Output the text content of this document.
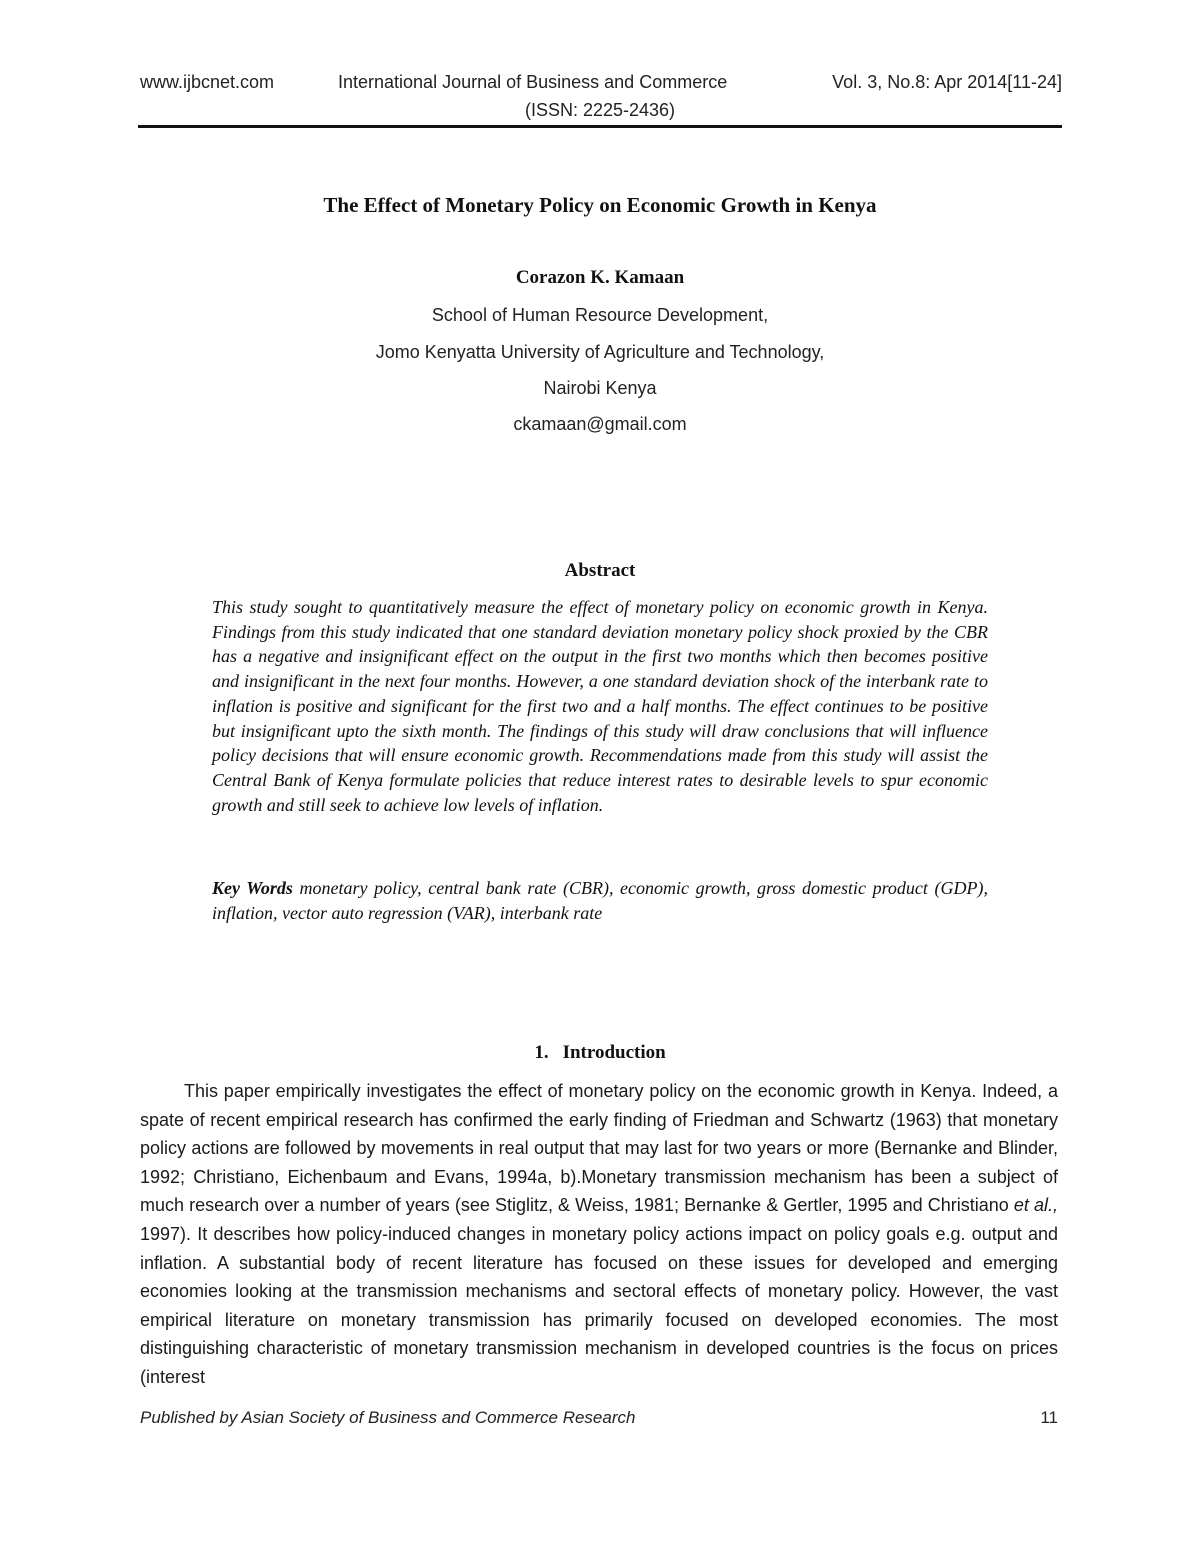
www.ijbcnet.com	International Journal of Business and Commerce	Vol. 3, No.8: Apr 2014[11-24]
(ISSN: 2225-2436)
The Effect of Monetary Policy on Economic Growth in Kenya
Corazon K. Kamaan
School of Human Resource Development,
Jomo Kenyatta University of Agriculture and Technology,
Nairobi Kenya
ckamaan@gmail.com
Abstract

This study sought to quantitatively measure the effect of monetary policy on economic growth in Kenya. Findings from this study indicated that one standard deviation monetary policy shock proxied by the CBR has a negative and insignificant effect on the output in the first two months which then becomes positive and insignificant in the next four months. However, a one standard deviation shock of the interbank rate to inflation is positive and significant for the first two and a half months. The effect continues to be positive but insignificant upto the sixth month. The findings of this study will draw conclusions that will influence policy decisions that will ensure economic growth. Recommendations made from this study will assist the Central Bank of Kenya formulate policies that reduce interest rates to desirable levels to spur economic growth and still seek to achieve low levels of inflation.

Key Words monetary policy, central bank rate (CBR), economic growth, gross domestic product (GDP), inflation, vector auto regression (VAR), interbank rate

1. Introduction

This paper empirically investigates the effect of monetary policy on the economic growth in Kenya. Indeed, a spate of recent empirical research has confirmed the early finding of Friedman and Schwartz (1963) that monetary policy actions are followed by movements in real output that may last for two years or more (Bernanke and Blinder, 1992; Christiano, Eichenbaum and Evans, 1994a, b).Monetary transmission mechanism has been a subject of much research over a number of years (see Stiglitz, & Weiss, 1981; Bernanke & Gertler, 1995 and Christiano et al., 1997). It describes how policy-induced changes in monetary policy actions impact on policy goals e.g. output and inflation. A substantial body of recent literature has focused on these issues for developed and emerging economies looking at the transmission mechanisms and sectoral effects of monetary policy. However, the vast empirical literature on monetary transmission has primarily focused on developed economies. The most distinguishing characteristic of monetary transmission mechanism in developed countries is the focus on prices (interest

Published by Asian Society of Business and Commerce Research	11
